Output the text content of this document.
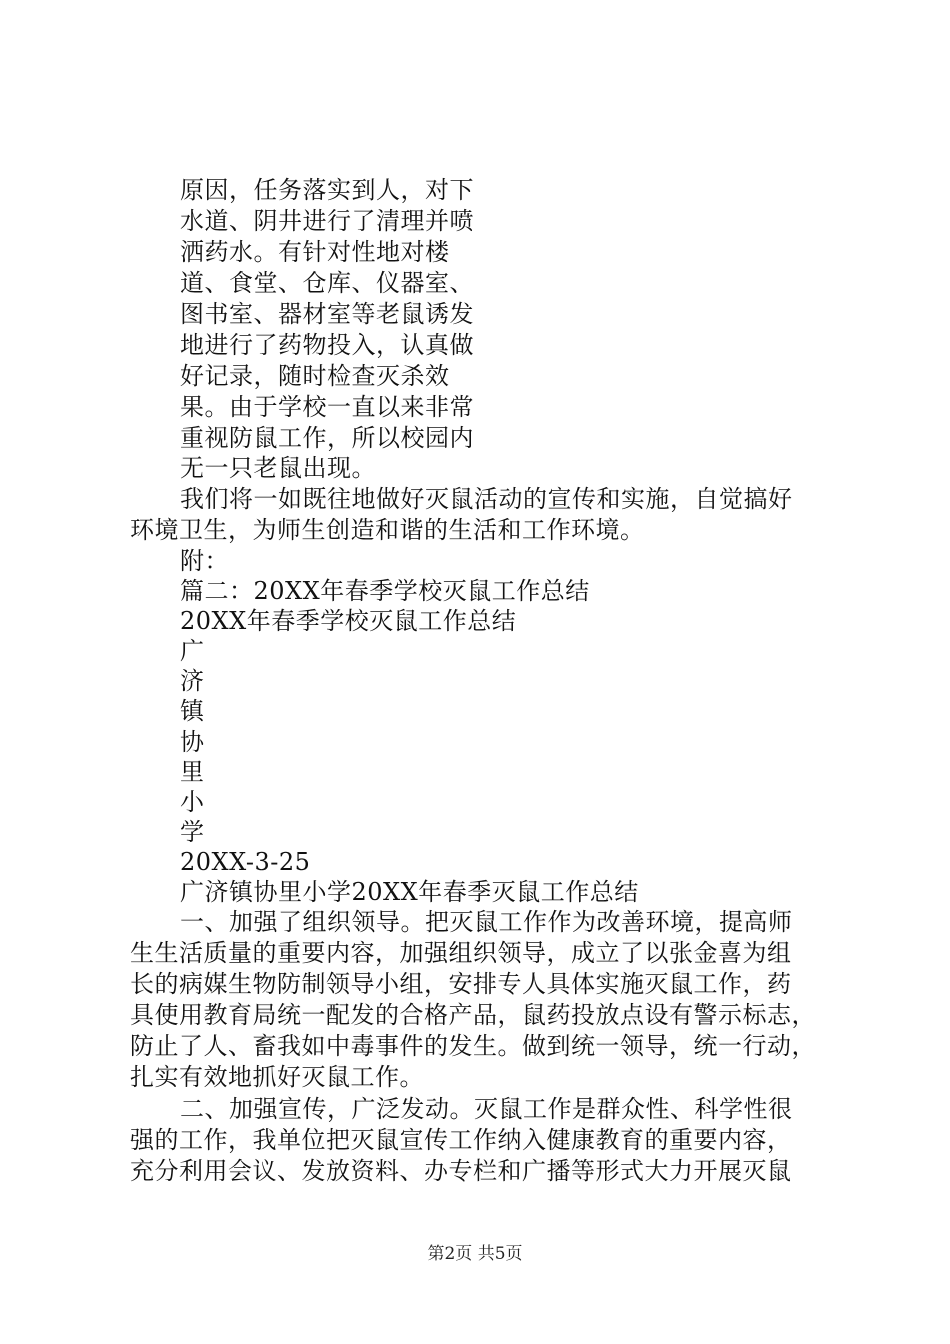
原因，任务落实到人，对下
水道、阴井进行了清理并喷
洒药水。有针对性地对楼
道、食堂、仓库、仪器室、
图书室、器材室等老鼠诱发
地进行了药物投入，认真做
好记录，随时检查灭杀效
果。由于学校一直以来非常
重视防鼠工作，所以校园内
无一只老鼠出现。
我们将一如既往地做好灭鼠活动的宣传和实施，自觉搞好
环境卫生，为师生创造和谐的生活和工作环境。
附：
篇二：20XX年春季学校灭鼠工作总结
20XX年春季学校灭鼠工作总结
广
济
镇
协
里
小
学
20XX-3-25
广济镇协里小学20XX年春季灭鼠工作总结
一、加强了组织领导。把灭鼠工作作为改善环境，提高师
生生活质量的重要内容，加强组织领导，成立了以张金喜为组
长的病媒生物防制领导小组，安排专人具体实施灭鼠工作，药
具使用教育局统一配发的合格产品，鼠药投放点设有警示标志，
防止了人、畜我如中毒事件的发生。做到统一领导，统一行动，
扎实有效地抓好灭鼠工作。
二、加强宣传，广泛发动。灭鼠工作是群众性、科学性很
强的工作，我单位把灭鼠宣传工作纳入健康教育的重要内容，
充分利用会议、发放资料、办专栏和广播等形式大力开展灭鼠
第2页 共5页
